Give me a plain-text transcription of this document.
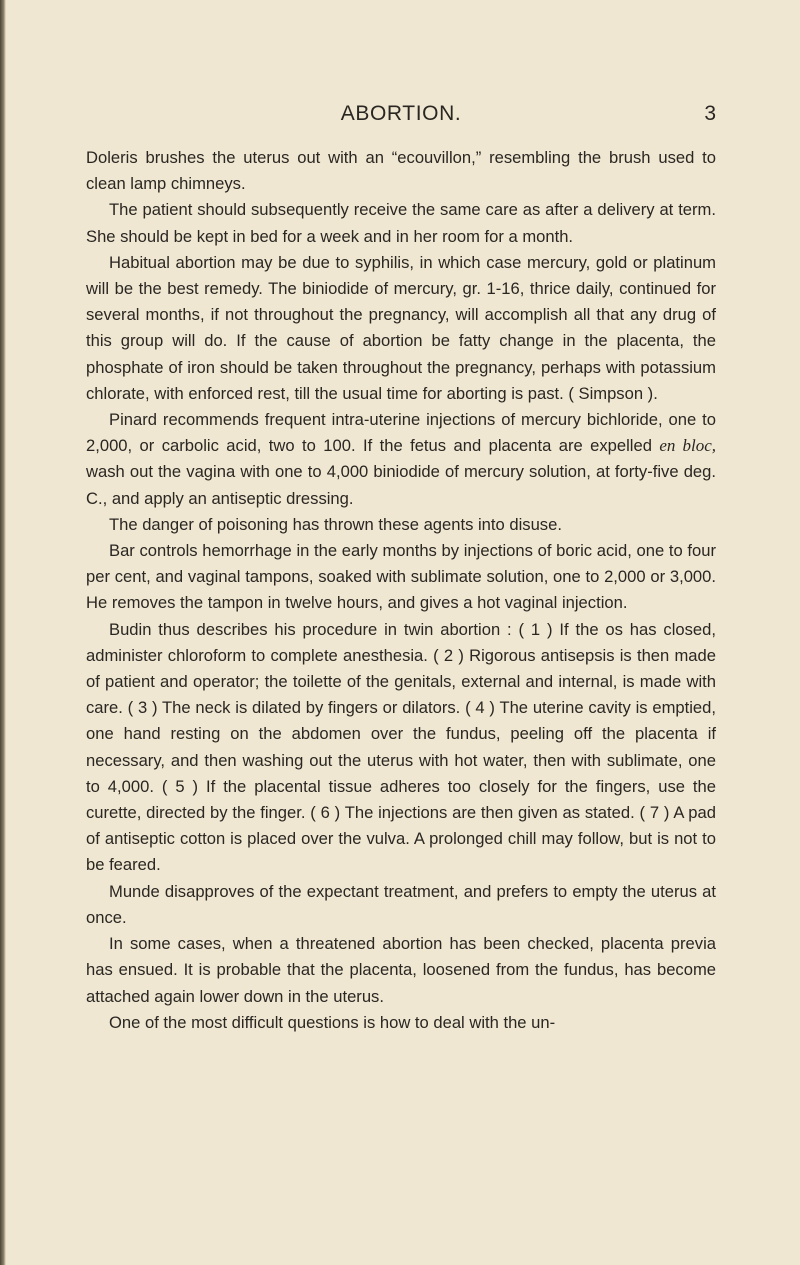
ABORTION.	3

Doleris brushes the uterus out with an “ecouvillon,” resembling the brush used to clean lamp chimneys.

The patient should subsequently receive the same care as after a delivery at term. She should be kept in bed for a week and in her room for a month.

Habitual abortion may be due to syphilis, in which case mercury, gold or platinum will be the best remedy. The biniodide of mercury, gr. 1-16, thrice daily, continued for several months, if not throughout the pregnancy, will accomplish all that any drug of this group will do. If the cause of abortion be fatty change in the placenta, the phosphate of iron should be taken throughout the pregnancy, perhaps with potassium chlorate, with enforced rest, till the usual time for aborting is past. ( Simpson ).

Pinard recommends frequent intra-uterine injections of mercury bichloride, one to 2,000, or carbolic acid, two to 100. If the fetus and placenta are expelled en bloc, wash out the vagina with one to 4,000 biniodide of mercury solution, at forty-five deg. C., and apply an antiseptic dressing.

The danger of poisoning has thrown these agents into disuse.

Bar controls hemorrhage in the early months by injections of boric acid, one to four per cent, and vaginal tampons, soaked with sublimate solution, one to 2,000 or 3,000. He removes the tampon in twelve hours, and gives a hot vaginal injection.

Budin thus describes his procedure in twin abortion : ( 1 ) If the os has closed, administer chloroform to complete anesthesia. ( 2 ) Rigorous antisepsis is then made of patient and operator; the toilette of the genitals, external and internal, is made with care. ( 3 ) The neck is dilated by fingers or dilators. ( 4 ) The uterine cavity is emptied, one hand resting on the abdomen over the fundus, peeling off the placenta if necessary, and then washing out the uterus with hot water, then with sublimate, one to 4,000. ( 5 ) If the placental tissue adheres too closely for the fingers, use the curette, directed by the finger. ( 6 ) The injections are then given as stated. ( 7 ) A pad of antiseptic cotton is placed over the vulva. A prolonged chill may follow, but is not to be feared.

Munde disapproves of the expectant treatment, and prefers to empty the uterus at once.

In some cases, when a threatened abortion has been checked, placenta previa has ensued. It is probable that the placenta, loosened from the fundus, has become attached again lower down in the uterus.

One of the most difficult questions is how to deal with the un-
